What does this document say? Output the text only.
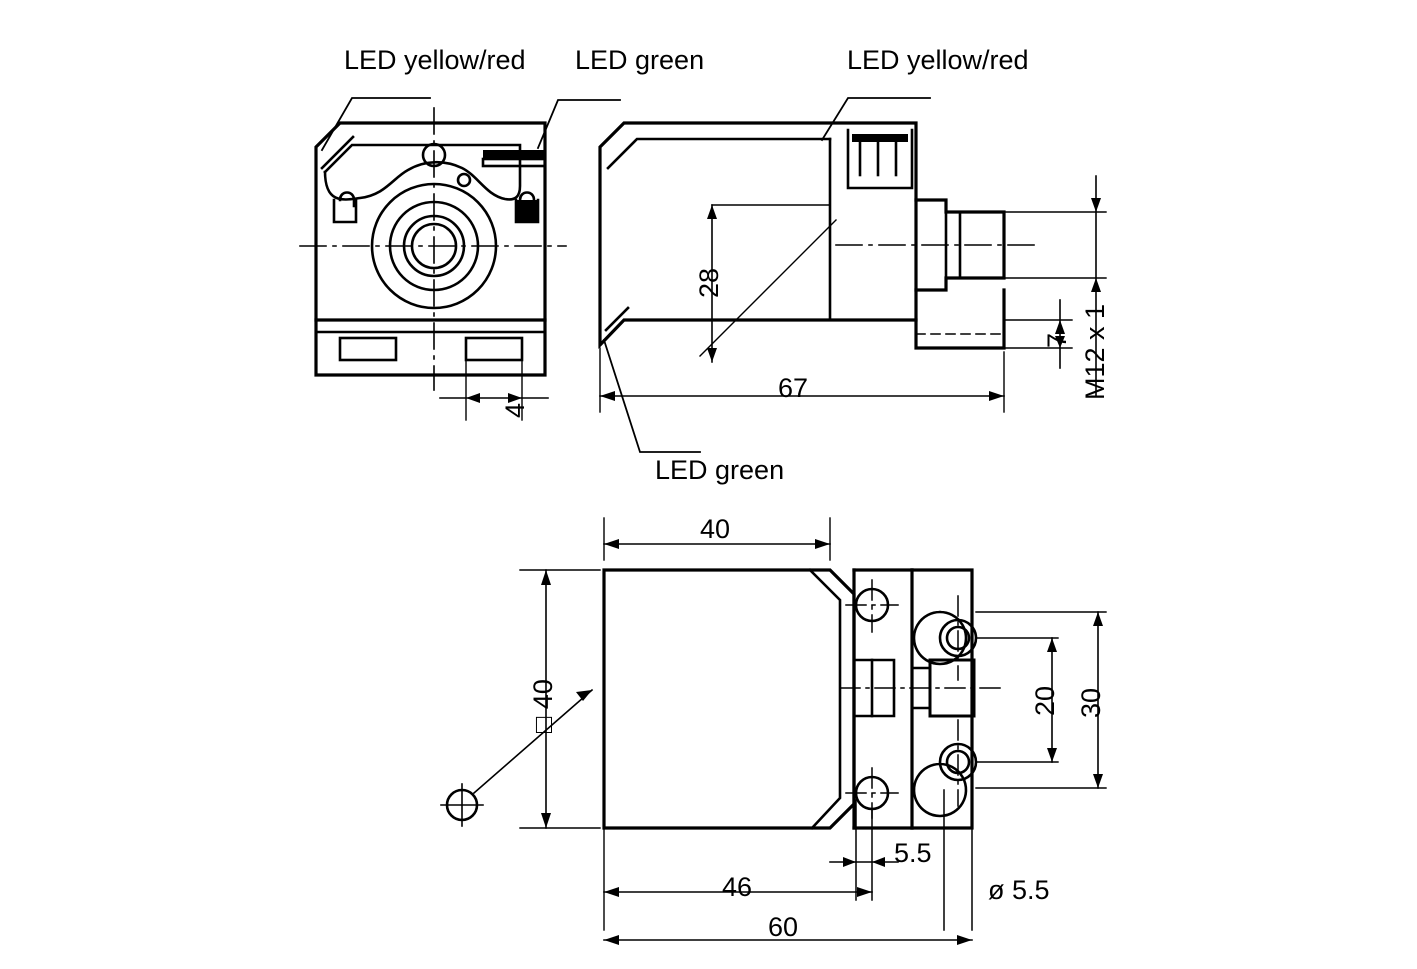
LED yellow/red LED green	LED yellow/red
LED green
4
28
67
7 M12 x 1
40
□ 40	20 30
5.5
ø 5.5
46
60
